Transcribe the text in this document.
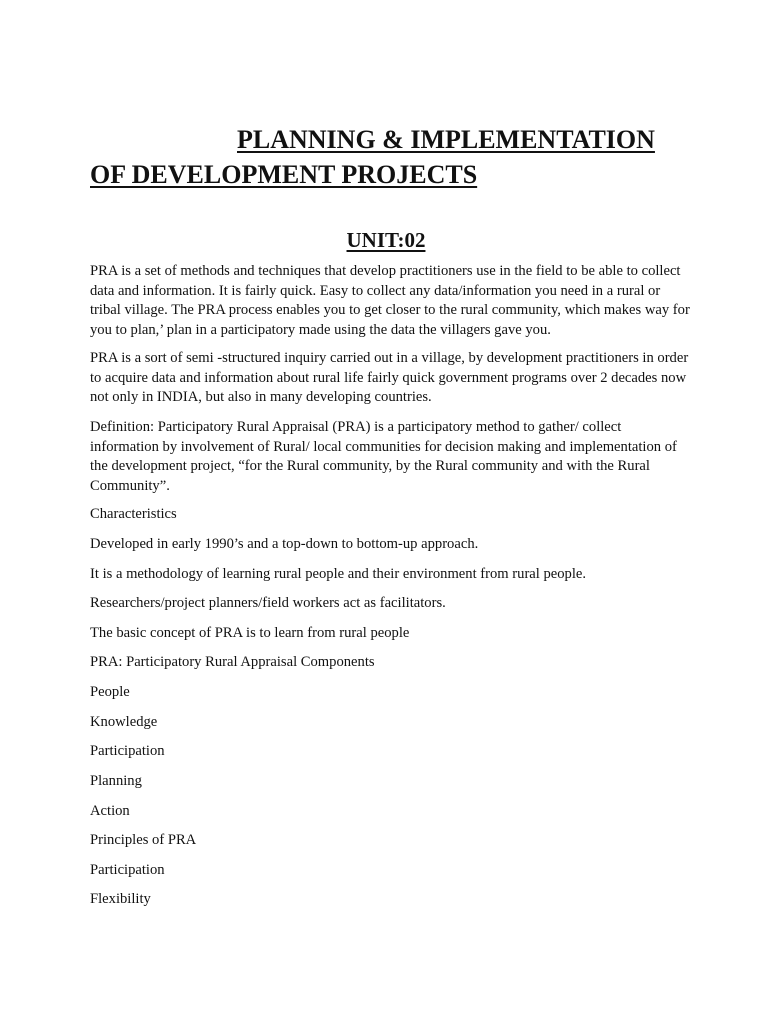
PLANNING & IMPLEMENTATION
OF DEVELOPMENT PROJECTS
UNIT:02

PRA is a set of methods and techniques that develop practitioners use in the field to be able to collect data and information. It is fairly quick. Easy to collect any data/information you need in a rural or tribal village. The PRA process enables you to get closer to the rural community, which makes way for you to plan,’ plan in a participatory made using the data the villagers gave you.

PRA is a sort of semi -structured inquiry carried out in a village, by development practitioners in order to acquire data and information about rural life fairly quick government programs over 2 decades now not only in INDIA, but also in many developing countries.

Definition: Participatory Rural Appraisal (PRA) is a participatory method to gather/ collect information by involvement of Rural/ local communities for decision making and implementation of the development project, “for the Rural community, by the Rural community and with the Rural Community”.

Characteristics

Developed in early 1990’s and a top-down to bottom-up approach.

It is a methodology of learning rural people and their environment from rural people.

Researchers/project planners/field workers act as facilitators.

The basic concept of PRA is to learn from rural people

PRA: Participatory Rural Appraisal Components

People

Knowledge

Participation

Planning

Action

Principles of PRA

Participation

Flexibility
